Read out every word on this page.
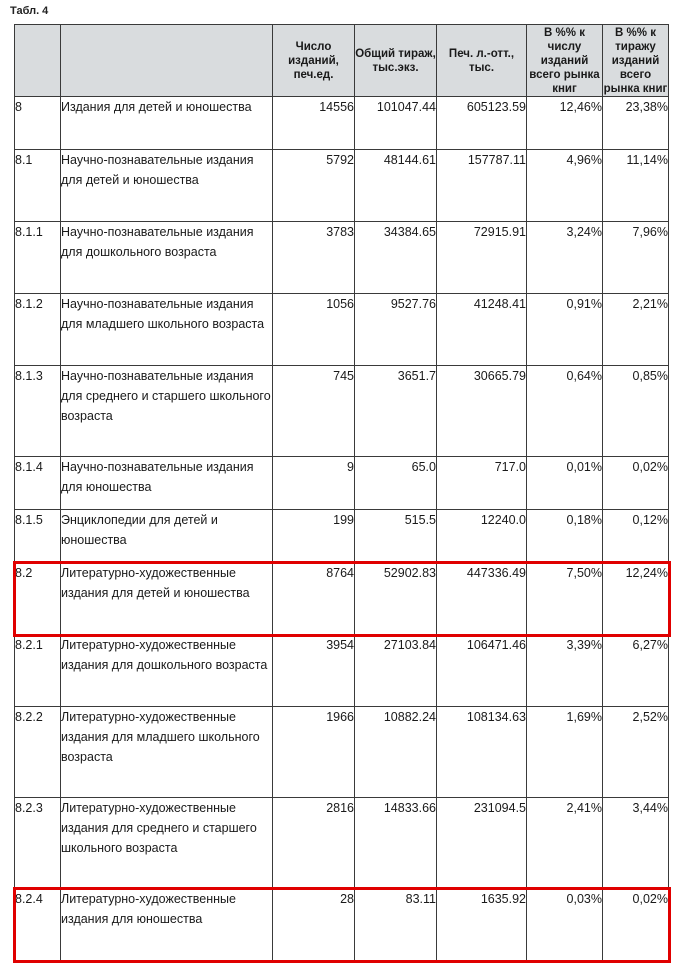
Табл. 4
		Число изданий, печ.ед.	Общий тираж, тыс.экз.	Печ. л.-отт., тыс.	В %% к числу изданий всего рынка книг	В %% к тиражу изданий всего рынка книг
8	Издания для детей и юношества	14556	101047.44	605123.59	12,46%	23,38%
8.1	Научно-познавательные издания для детей и юношества	5792	48144.61	157787.11	4,96%	11,14%
8.1.1	Научно-познавательные издания для дошкольного возраста	3783	34384.65	72915.91	3,24%	7,96%
8.1.2	Научно-познавательные издания для младшего школьного возраста	1056	9527.76	41248.41	0,91%	2,21%
8.1.3	Научно-познавательные издания для среднего и старшего школьного возраста	745	3651.7	30665.79	0,64%	0,85%
8.1.4	Научно-познавательные издания для юношества	9	65.0	717.0	0,01%	0,02%
8.1.5	Энциклопедии для детей и юношества	199	515.5	12240.0	0,18%	0,12%
8.2	Литературно-художественные издания для детей и юношества	8764	52902.83	447336.49	7,50%	12,24%
8.2.1	Литературно-художественные издания для дошкольного возраста	3954	27103.84	106471.46	3,39%	6,27%
8.2.2	Литературно-художественные издания для младшего школьного возраста	1966	10882.24	108134.63	1,69%	2,52%
8.2.3	Литературно-художественные издания для среднего и старшего школьного возраста	2816	14833.66	231094.5	2,41%	3,44%
8.2.4	Литературно-художественные издания для юношества	28	83.11	1635.92	0,03%	0,02%
